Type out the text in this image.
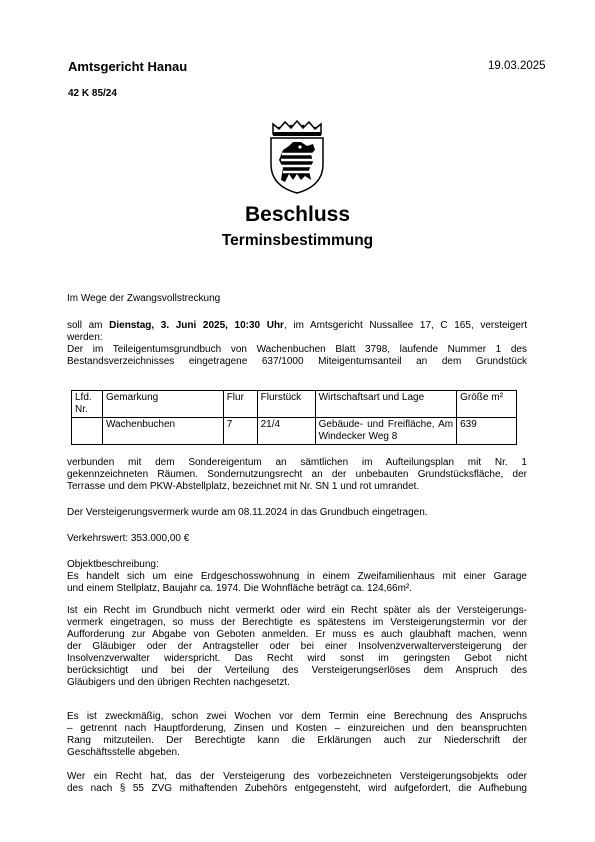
Amtsgericht Hanau	19.03.2025
42 K 85/24
Beschluss
Terminsbestimmung
Im Wege der Zwangsvollstreckung
soll am Dienstag, 3. Juni 2025, 10:30 Uhr, im Amtsgericht Nussallee 17, C 165, versteigert
werden:
Der im Teileigentumsgrundbuch von Wachenbuchen Blatt 3798, laufende Nummer 1 des
Bestandsverzeichnisses eingetragene 637/1000 Miteigentumsanteil an dem Grundstück
Lfd. Nr.	Gemarkung	Flur	Flurstück	Wirtschaftsart und Lage	Größe m²
	Wachenbuchen	7	21/4	Gebäude- und Freifläche, Am Windecker Weg 8	639
verbunden mit dem Sondereigentum an sämtlichen im Aufteilungsplan mit Nr. 1
gekennzeichneten Räumen. Sondernutzungsrecht an der unbebauten Grundstücksfläche, der
Terrasse und dem PKW-Abstellplatz, bezeichnet mit Nr. SN 1 und rot umrandet.
Der Versteigerungsvermerk wurde am 08.11.2024 in das Grundbuch eingetragen.
Verkehrswert: 353.000,00 €
Objektbeschreibung:
Es handelt sich um eine Erdgeschosswohnung in einem Zweifamilienhaus mit einer Garage
und einem Stellplatz, Baujahr ca. 1974. Die Wohnfläche beträgt ca. 124,66m².
Ist ein Recht im Grundbuch nicht vermerkt oder wird ein Recht später als der Versteigerungs-
vermerk eingetragen, so muss der Berechtigte es spätestens im Versteigerungstermin vor der
Aufforderung zur Abgabe von Geboten anmelden. Er muss es auch glaubhaft machen, wenn
der Gläubiger oder der Antragsteller oder bei einer Insolvenzverwalterversteigerung der
Insolvenzverwalter widerspricht. Das Recht wird sonst im geringsten Gebot nicht
berücksichtigt und bei der Verteilung des Versteigerungserlöses dem Anspruch des
Gläubigers und den übrigen Rechten nachgesetzt.
Es ist zweckmäßig, schon zwei Wochen vor dem Termin eine Berechnung des Anspruchs
– getrennt nach Hauptforderung, Zinsen und Kosten – einzureichen und den beanspruchten
Rang mitzuteilen. Der Berechtigte kann die Erklärungen auch zur Niederschrift der
Geschäftsstelle abgeben.
Wer ein Recht hat, das der Versteigerung des vorbezeichneten Versteigerungsobjekts oder
des nach § 55 ZVG mithaftenden Zubehörs entgegensteht, wird aufgefordert, die Aufhebung
